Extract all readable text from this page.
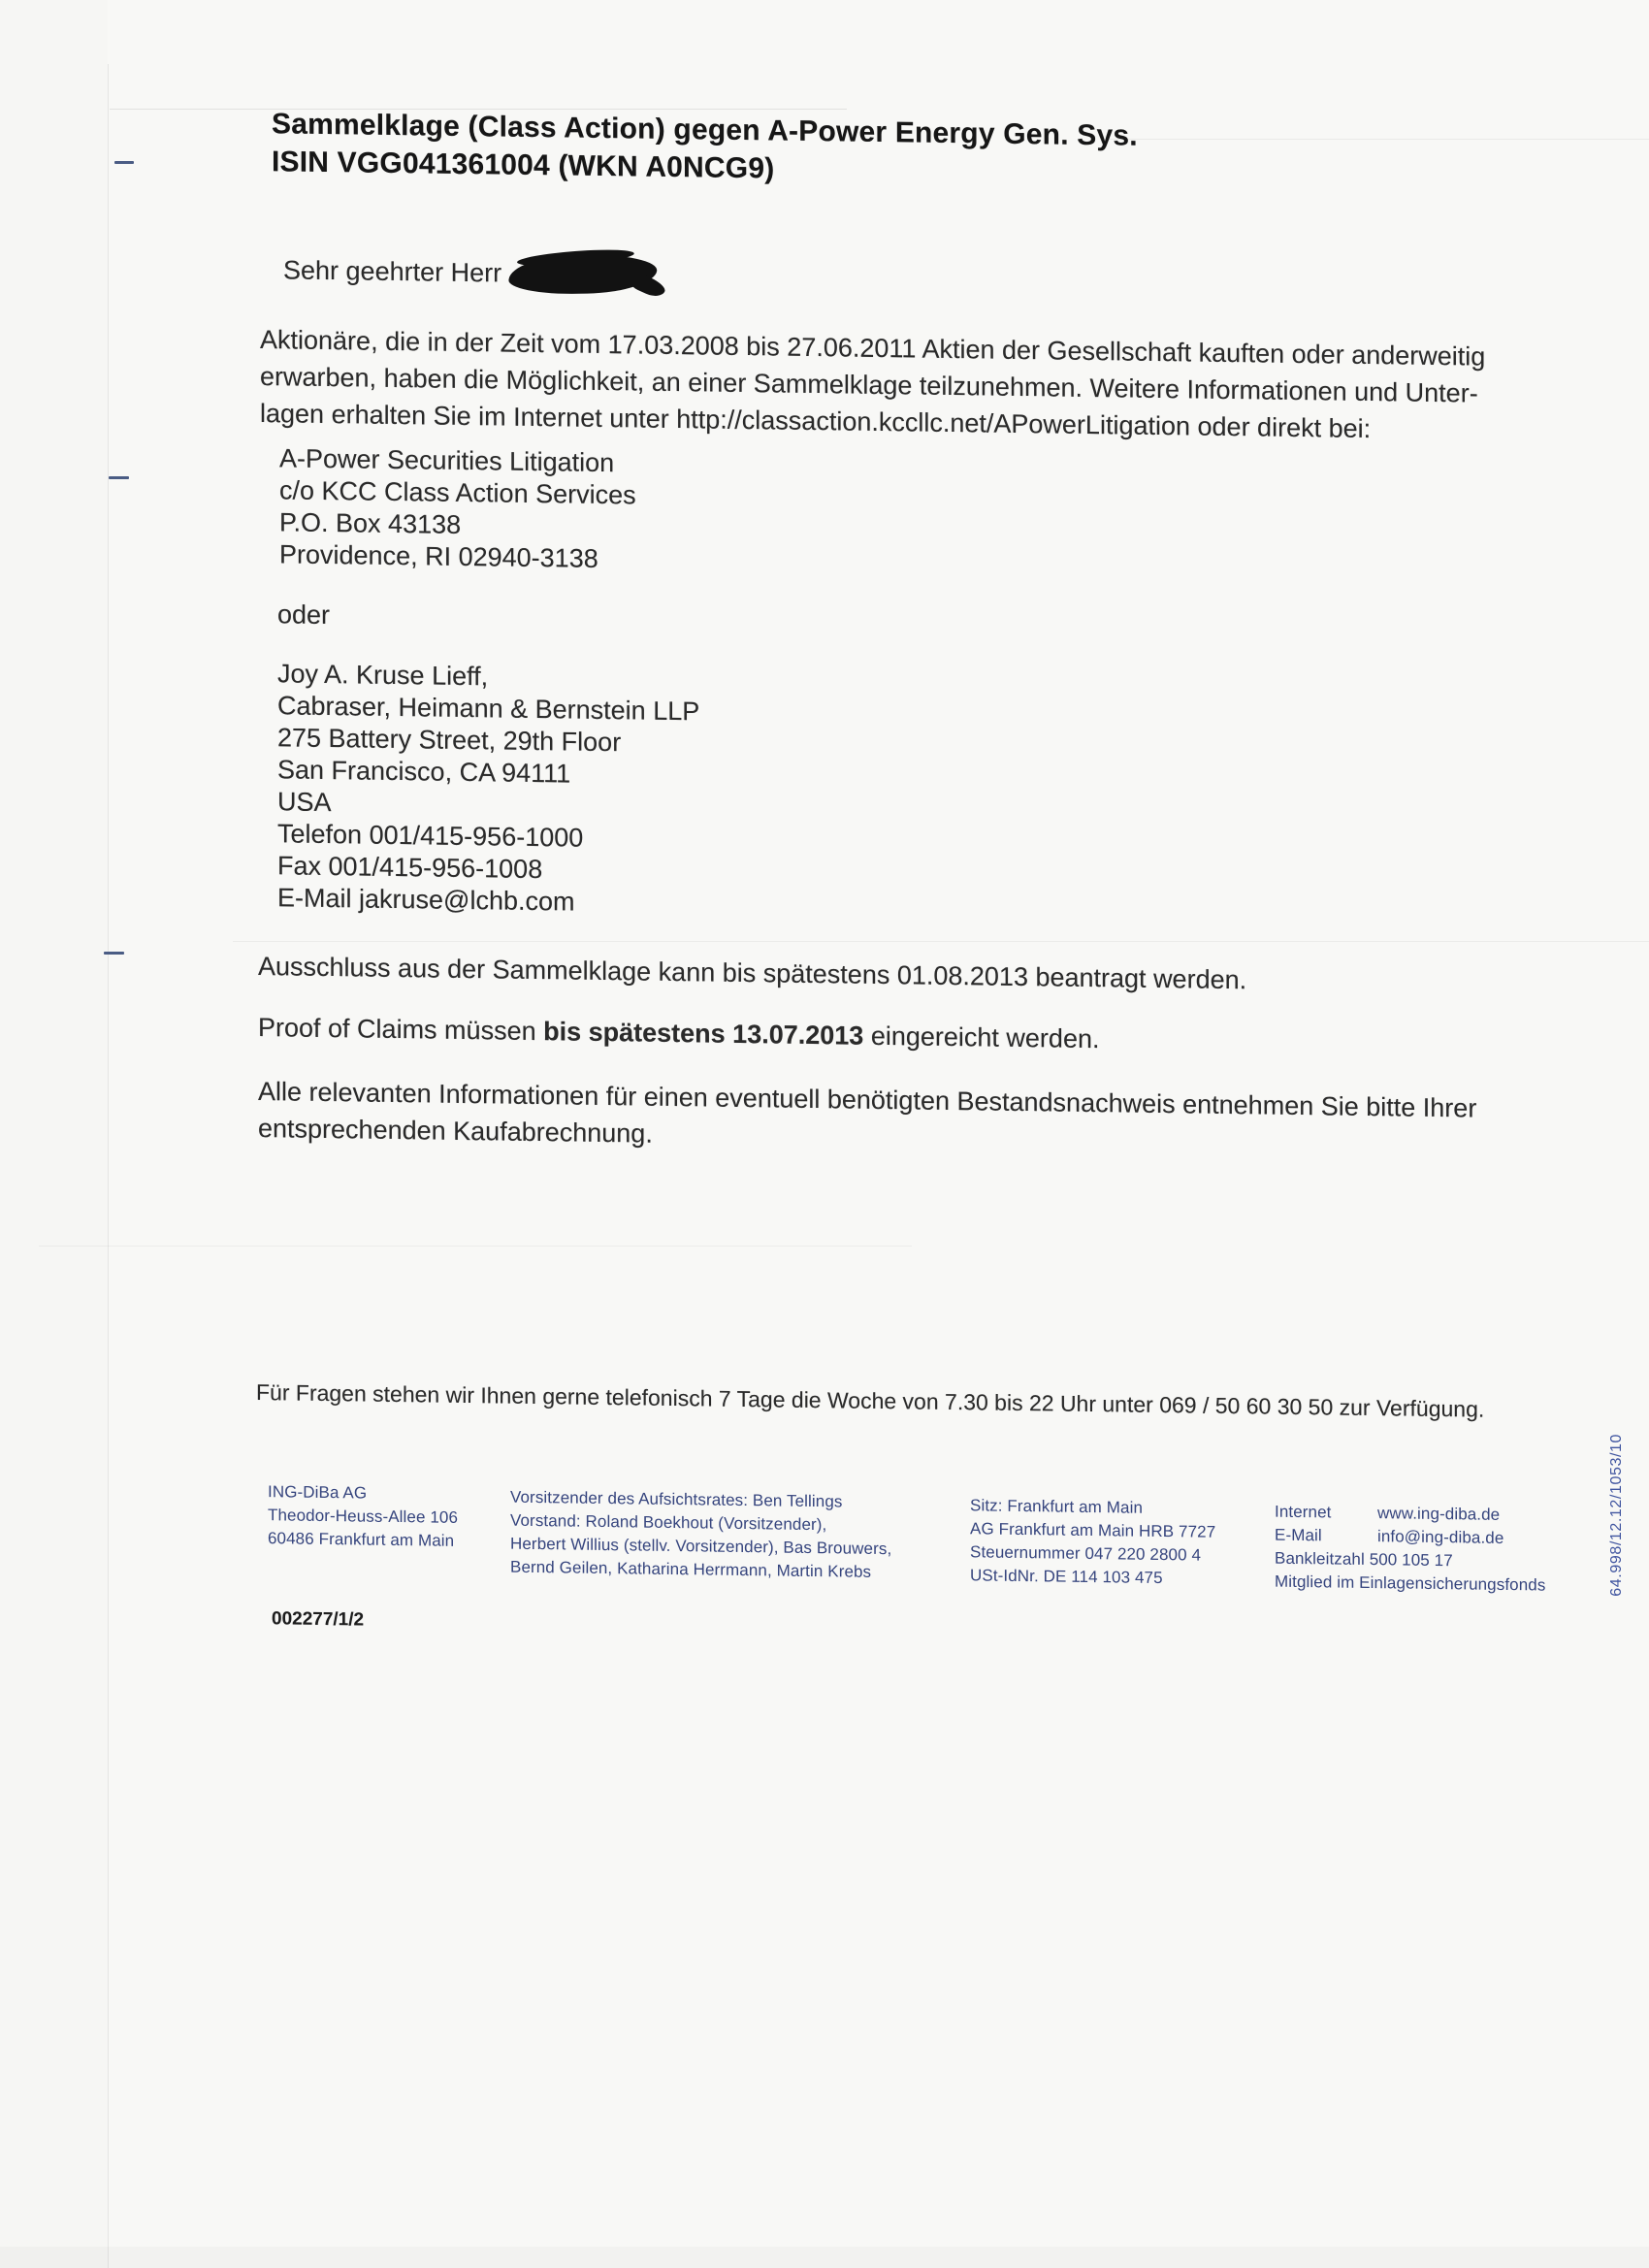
Sammelklage (Class Action) gegen A-Power Energy Gen. Sys.
ISIN VGG041361004 (WKN A0NCG9)
Sehr geehrter Herr
Aktionäre, die in der Zeit vom 17.03.2008 bis 27.06.2011 Aktien der Gesellschaft kauften oder anderweitig
erwarben, haben die Möglichkeit, an einer Sammelklage teilzunehmen. Weitere Informationen und Unter-
lagen erhalten Sie im Internet unter http://classaction.kccllc.net/APowerLitigation oder direkt bei:
A-Power Securities Litigation
c/o KCC Class Action Services
P.O. Box 43138
Providence, RI 02940-3138
oder
Joy A. Kruse Lieff,
Cabraser, Heimann & Bernstein LLP
275 Battery Street, 29th Floor
San Francisco, CA 94111
USA
Telefon 001/415-956-1000
Fax 001/415-956-1008
E-Mail jakruse@lchb.com
Ausschluss aus der Sammelklage kann bis spätestens 01.08.2013 beantragt werden.
Proof of Claims müssen bis spätestens 13.07.2013 eingereicht werden.
Alle relevanten Informationen für einen eventuell benötigten Bestandsnachweis entnehmen Sie bitte Ihrer
entsprechenden Kaufabrechnung.
Für Fragen stehen wir Ihnen gerne telefonisch 7 Tage die Woche von 7.30 bis 22 Uhr unter 069 / 50 60 30 50 zur Verfügung.
ING-DiBa AG
Theodor-Heuss-Allee 106
60486 Frankfurt am Main
Vorsitzender des Aufsichtsrates: Ben Tellings
Vorstand: Roland Boekhout (Vorsitzender),
Herbert Willius (stellv. Vorsitzender), Bas Brouwers,
Bernd Geilen, Katharina Herrmann, Martin Krebs
Sitz: Frankfurt am Main
AG Frankfurt am Main HRB 7727
Steuernummer 047 220 2800 4
USt-IdNr. DE 114 103 475
Internet	www.ing-diba.de
E-Mail	info@ing-diba.de
Bankleitzahl 500 105 17
Mitglied im Einlagensicherungsfonds
002277/1/2
64.998/12.12/1053/10
